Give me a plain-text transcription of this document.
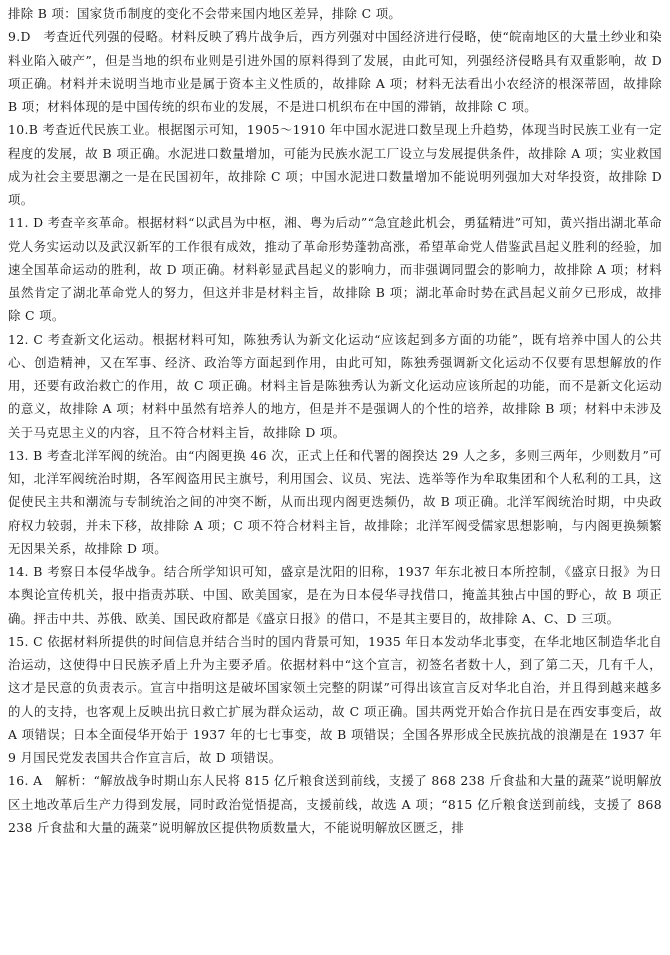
排除 B 项：国家货币制度的变化不会带来国内地区差异，排除 C 项。

9.D　考查近代列强的侵略。材料反映了鸦片战争后，西方列强对中国经济进行侵略，使“皖南地区的大量土纱业和染料业陷入破产”，但是当地的织布业则是引进外国的原料得到了发展，由此可知，列强经济侵略具有双重影响，故 D 项正确。材料并未说明当地市业是属于资本主义性质的，故排除 A 项；材料无法看出小农经济的根深蒂固，故排除 B 项；材料体现的是中国传统的织布业的发展，不是进口机织布在中国的滞销，故排除 C 项。

10.B 考查近代民族工业。根据图示可知，1905～1910 年中国水泥进口数呈现上升趋势，体现当时民族工业有一定程度的发展，故 B 项正确。水泥进口数量增加，可能为民族水泥工厂设立与发展提供条件，故排除 A 项；实业救国成为社会主要思潮之一是在民国初年，故排除 C 项；中国水泥进口数量增加不能说明列强加大对华投资，故排除 D 项。

11. D 考查辛亥革命。根据材料“以武昌为中枢，湘、粤为后动”“急宜趁此机会，勇猛精进”可知，黄兴指出湖北革命党人务实运动以及武汉新军的工作很有成效，推动了革命形势蓬勃高涨，希望革命党人借鉴武昌起义胜利的经验，加速全国革命运动的胜利，故 D 项正确。材料彰显武昌起义的影响力，而非强调同盟会的影响力，故排除 A 项；材料虽然肯定了湖北革命党人的努力，但这并非是材料主旨，故排除 B 项；湖北革命时势在武昌起义前夕已形成，故排除 C 项。

12. C 考查新文化运动。根据材料可知，陈独秀认为新文化运动“应该起到多方面的功能”，既有培养中国人的公共心、创造精神，又在军事、经济、政治等方面起到作用，由此可知，陈独秀强调新文化运动不仅要有思想解放的作用，还要有政治救亡的作用，故 C 项正确。材料主旨是陈独秀认为新文化运动应该所起的功能，而不是新文化运动的意义，故排除 A 项；材料中虽然有培养人的地方，但是并不是强调人的个性的培养，故排除 B 项；材料中未涉及关于马克思主义的内容，且不符合材料主旨，故排除 D 项。

13. B 考查北洋军阀的统治。由“内阁更换 46 次，正式上任和代署的阁揆达 29 人之多，多则三两年，少则数月”可知，北洋军阀统治时期，各军阀盗用民主旗号，利用国会、议员、宪法、选举等作为牟取集团和个人私利的工具，这促使民主共和潮流与专制统治之间的冲突不断，从而出现内阁更迭频仍，故 B 项正确。北洋军阀统治时期，中央政府权力较弱，并未下移，故排除 A 项；C 项不符合材料主旨，故排除；北洋军阀受儒家思想影响，与内阁更换频繁无因果关系，故排除 D 项。

14. B 考察日本侵华战争。结合所学知识可知，盛京是沈阳的旧称，1937 年东北被日本所控制，《盛京日报》为日本舆论宣传机关，报中指责苏联、中国、欧美国家，是在为日本侵华寻找借口，掩盖其独占中国的野心，故 B 项正确。抨击中共、苏俄、欧美、国民政府都是《盛京日报》的借口，不是其主要目的，故排除 A、C、D 三项。

15. C 依据材料所提供的时间信息并结合当时的国内背景可知，1935 年日本发动华北事变，在华北地区制造华北自治运动，这使得中日民族矛盾上升为主要矛盾。依据材料中“这个宣言，初签名者数十人，到了第二天，几有千人，这才是民意的负责表示。宣言中指明这是破坏国家领土完整的阴谋”可得出该宣言反对华北自治，并且得到越来越多的人的支持，也客观上反映出抗日救亡扩展为群众运动，故 C 项正确。国共两党开始合作抗日是在西安事变后，故 A 项错误；日本全面侵华开始于 1937 年的七七事变，故 B 项错误；全国各界形成全民族抗战的浪潮是在 1937 年 9 月国民党发表国共合作宣言后，故 D 项错误。

16. A　解析：“解放战争时期山东人民将 815 亿斤粮食送到前线，支援了 868 238 斤食盐和大量的蔬菜”说明解放区土地改革后生产力得到发展，同时政治觉悟提高，支援前线，故选 A 项；“815 亿斤粮食送到前线，支援了 868 238 斤食盐和大量的蔬菜”说明解放区提供物质数量大，不能说明解放区匮乏，排
